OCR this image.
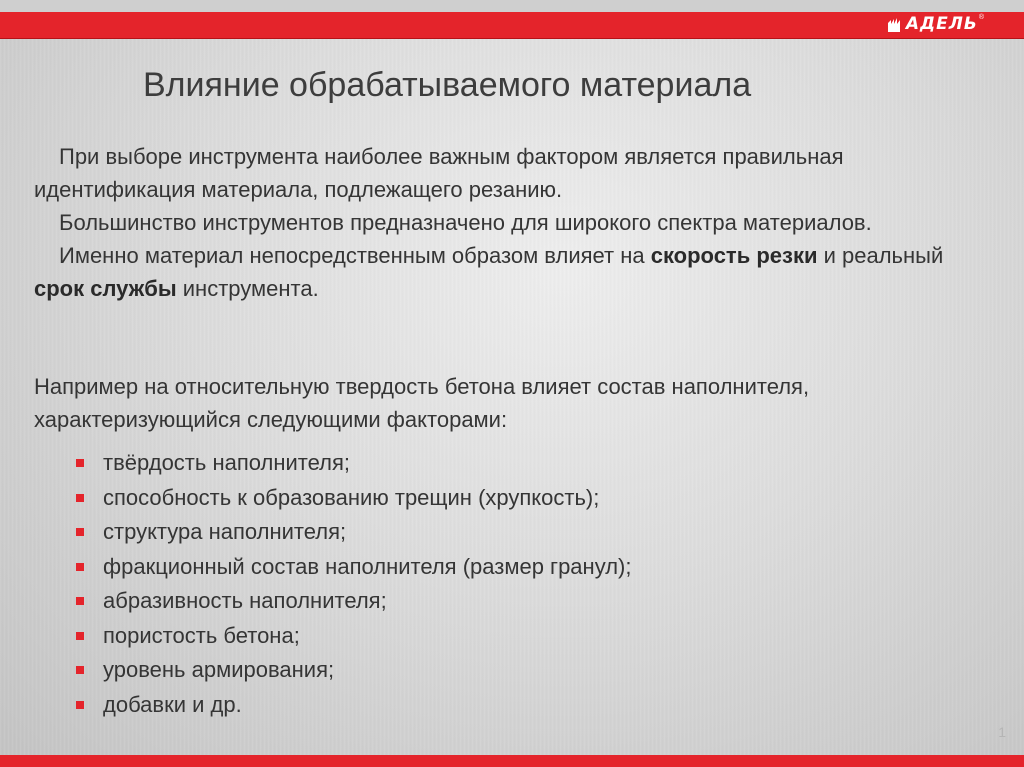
АДЕЛЬ ®
Влияние обрабатываемого материала

При выборе инструмента наиболее важным фактором является правильная идентификация материала, подлежащего резанию.

Большинство инструментов предназначено для широкого спектра материалов.

Именно материал непосредственным образом влияет на скорость резки и реальный срок службы инструмента.

Например на относительную твердость бетона влияет состав наполнителя, характеризующийся следующими факторами:

твёрдость наполнителя;
способность к образованию трещин (хрупкость);
структура наполнителя;
фракционный состав наполнителя (размер гранул);
абразивность наполнителя;
пористость бетона;
уровень армирования;
добавки и др.
1
